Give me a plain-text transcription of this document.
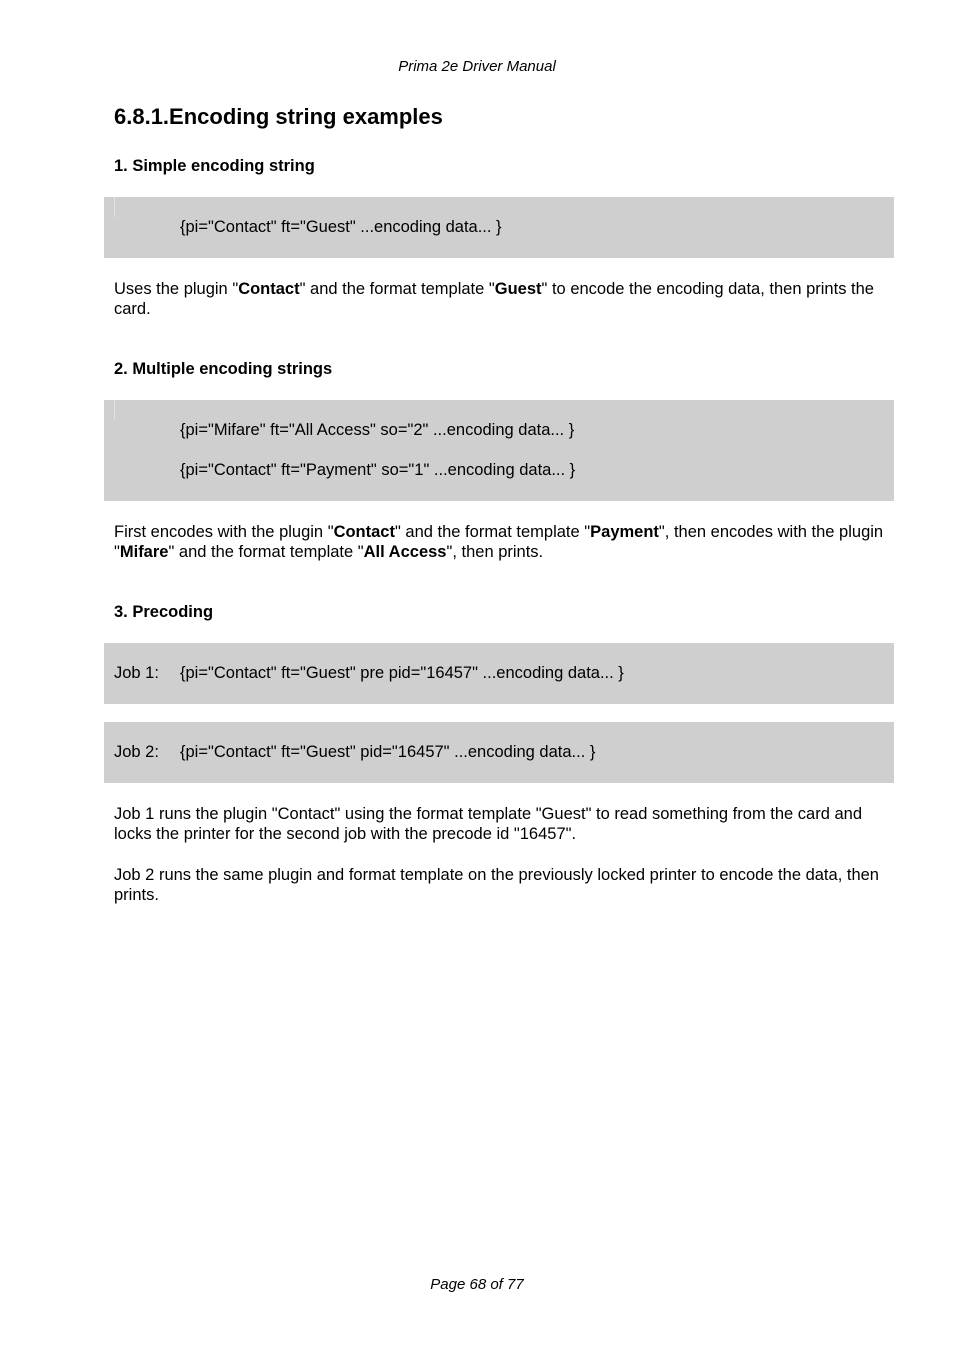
Prima 2e Driver Manual
6.8.1.Encoding string examples
1. Simple encoding string
{pi="Contact" ft="Guest" ...encoding data... }
Uses the plugin "Contact" and the format template "Guest" to encode the encoding data, then prints the card.
2. Multiple encoding strings
{pi="Mifare" ft="All Access" so="2" ...encoding data... }
{pi="Contact" ft="Payment" so="1" ...encoding data... }
First encodes with the plugin "Contact" and the format template "Payment", then encodes with the plugin "Mifare" and the format template "All Access", then prints.
3. Precoding
Job 1: {pi="Contact" ft="Guest" pre pid="16457" ...encoding data... }
Job 2: {pi="Contact" ft="Guest" pid="16457" ...encoding data... }
Job 1 runs the plugin "Contact" using the format template "Guest" to read something from the card and locks the printer for the second job with the precode id "16457".
Job 2 runs the same plugin and format template on the previously locked printer to encode the data, then prints.
Page 68 of 77
